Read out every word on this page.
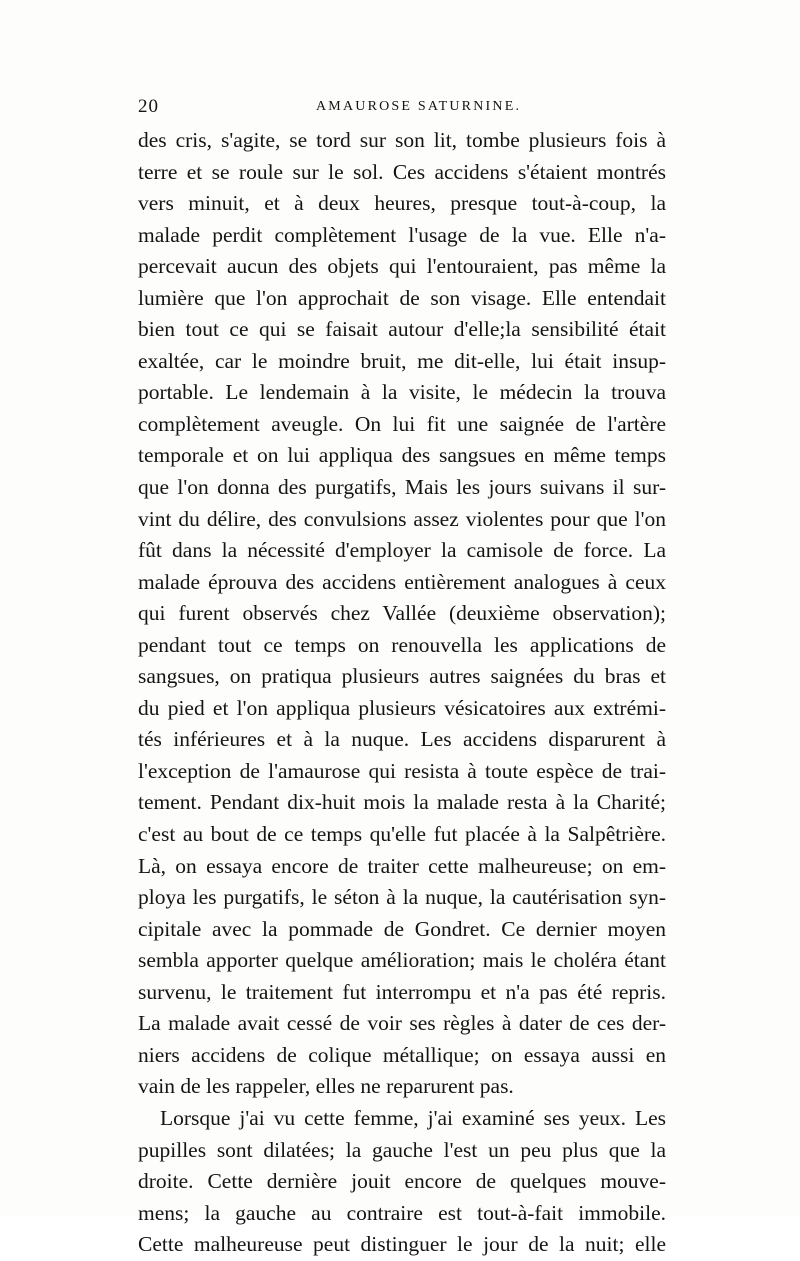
20	AMAUROSE SATURNINE.
des cris, s'agite, se tord sur son lit, tombe plusieurs fois à
terre et se roule sur le sol. Ces accidens s'étaient montrés
vers minuit, et à deux heures, presque tout-à-coup, la
malade perdit complètement l'usage de la vue. Elle n'a-
percevait aucun des objets qui l'entouraient, pas même la
lumière que l'on approchait de son visage. Elle entendait
bien tout ce qui se faisait autour d'elle;la sensibilité était
exaltée, car le moindre bruit, me dit-elle, lui était insup-
portable. Le lendemain à la visite, le médecin la trouva
complètement aveugle. On lui fit une saignée de l'artère
temporale et on lui appliqua des sangsues en même temps
que l'on donna des purgatifs, Mais les jours suivans il sur-
vint du délire, des convulsions assez violentes pour que l'on
fût dans la nécessité d'employer la camisole de force. La
malade éprouva des accidens entièrement analogues à ceux
qui furent observés chez Vallée (deuxième observation);
pendant tout ce temps on renouvella les applications de
sangsues, on pratiqua plusieurs autres saignées du bras et
du pied et l'on appliqua plusieurs vésicatoires aux extrémi-
tés inférieures et à la nuque. Les accidens disparurent à
l'exception de l'amaurose qui resista à toute espèce de trai-
tement. Pendant dix-huit mois la malade resta à la Charité;
c'est au bout de ce temps qu'elle fut placée à la Salpêtrière.
Là, on essaya encore de traiter cette malheureuse; on em-
ploya les purgatifs, le séton à la nuque, la cautérisation syn-
cipitale avec la pommade de Gondret. Ce dernier moyen
sembla apporter quelque amélioration; mais le choléra étant
survenu, le traitement fut interrompu et n'a pas été repris.
La malade avait cessé de voir ses règles à dater de ces der-
niers accidens de colique métallique; on essaya aussi en
vain de les rappeler, elles ne reparurent pas.
Lorsque j'ai vu cette femme, j'ai examiné ses yeux. Les
pupilles sont dilatées; la gauche l'est un peu plus que la
droite. Cette dernière jouit encore de quelques mouve-
mens; la gauche au contraire est tout-à-fait immobile.
Cette malheureuse peut distinguer le jour de la nuit; elle
